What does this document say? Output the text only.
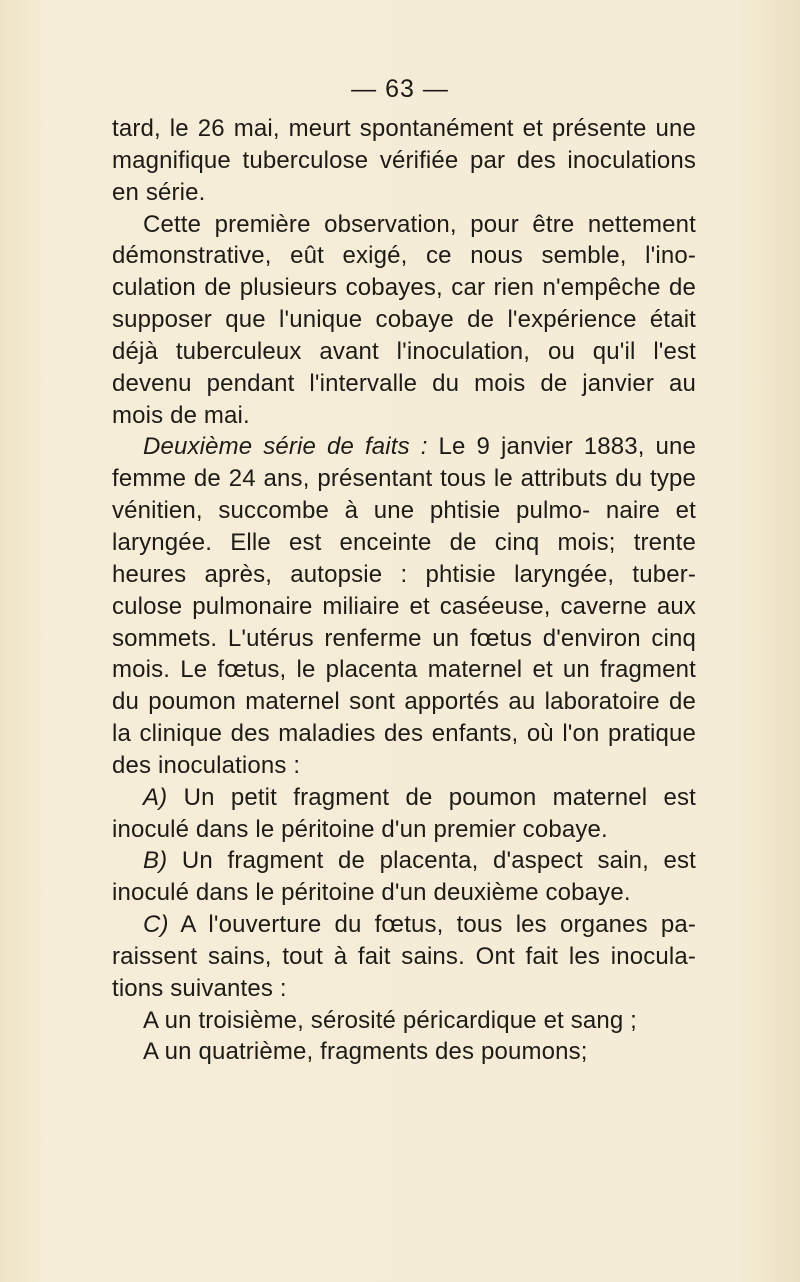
— 63 —

tard, le 26 mai, meurt spontanément et présente une magnifique tuberculose vérifiée par des inoculations en série.

Cette première observation, pour être nettement démonstrative, eût exigé, ce nous semble, l'ino- culation de plusieurs cobayes, car rien n'empêche de supposer que l'unique cobaye de l'expérience était déjà tuberculeux avant l'inoculation, ou qu'il l'est devenu pendant l'intervalle du mois de janvier au mois de mai.

Deuxième série de faits : Le 9 janvier 1883, une femme de 24 ans, présentant tous le attributs du type vénitien, succombe à une phtisie pulmo- naire et laryngée. Elle est enceinte de cinq mois; trente heures après, autopsie : phtisie laryngée, tuber- culose pulmonaire miliaire et caséeuse, caverne aux sommets. L'utérus renferme un fœtus d'environ cinq mois. Le fœtus, le placenta maternel et un fragment du poumon maternel sont apportés au laboratoire de la clinique des maladies des enfants, où l'on pratique des inoculations :

A) Un petit fragment de poumon maternel est inoculé dans le péritoine d'un premier cobaye.

B) Un fragment de placenta, d'aspect sain, est inoculé dans le péritoine d'un deuxième cobaye.

C) A l'ouverture du fœtus, tous les organes pa- raissent sains, tout à fait sains. Ont fait les inocula- tions suivantes :

A un troisième, sérosité péricardique et sang ;

A un quatrième, fragments des poumons;
